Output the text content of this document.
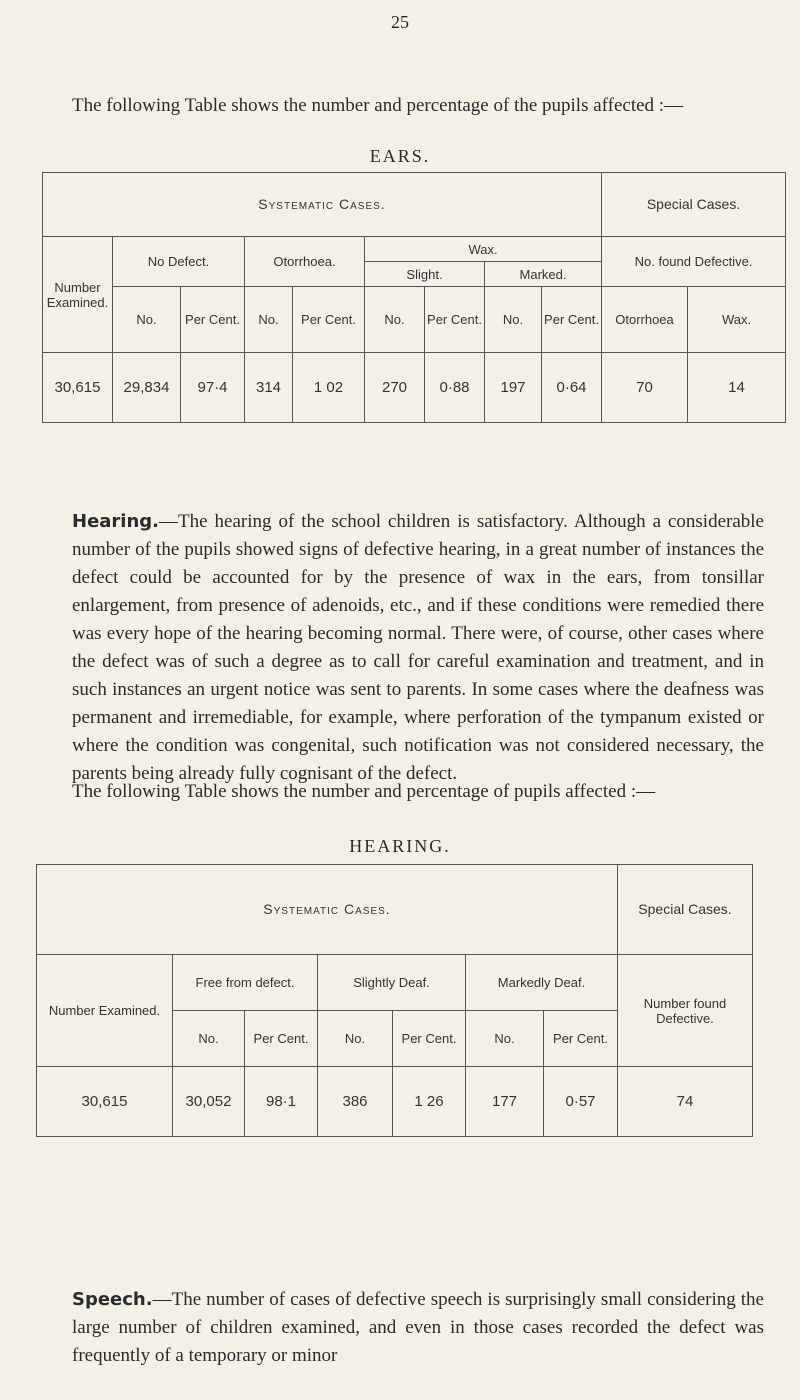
25
The following Table shows the number and percentage of the pupils affected :—
EARS.
Systematic Cases.									Special Cases.	
Number Examined.	No Defect.		Otorrhoea.		Wax.				No. found Defective.	
					Slight.		Marked.			
	No.	Per Cent.	No.	Per Cent.	No.	Per Cent.	No.	Per Cent.	Otorrhoea	Wax.
30,615	29,834	97·4	314	1 02	270	0·88	197	0·64	70	14
Hearing.—The hearing of the school children is satisfactory. Although a considerable number of the pupils showed signs of defective hearing, in a great number of instances the defect could be accounted for by the presence of wax in the ears, from tonsillar enlargement, from presence of adenoids, etc., and if these conditions were remedied there was every hope of the hearing becoming normal. There were, of course, other cases where the defect was of such a degree as to call for careful examination and treatment, and in such instances an urgent notice was sent to parents. In some cases where the deafness was permanent and irremediable, for example, where perforation of the tympanum existed or where the condition was congenital, such notification was not considered necessary, the parents being already fully cognisant of the defect.
The following Table shows the number and percentage of pupils affected :—
HEARING.
Systematic Cases.							Special Cases.
Number Examined.	Free from defect.		Slightly Deaf.		Markedly Deaf.		Number found Defective.
	No.	Per Cent.	No.	Per Cent.	No.	Per Cent.	
30,615	30,052	98·1	386	1 26	177	0·57	74
Speech.—The number of cases of defective speech is surprisingly small considering the large number of children examined, and even in those cases recorded the defect was frequently of a temporary or minor
